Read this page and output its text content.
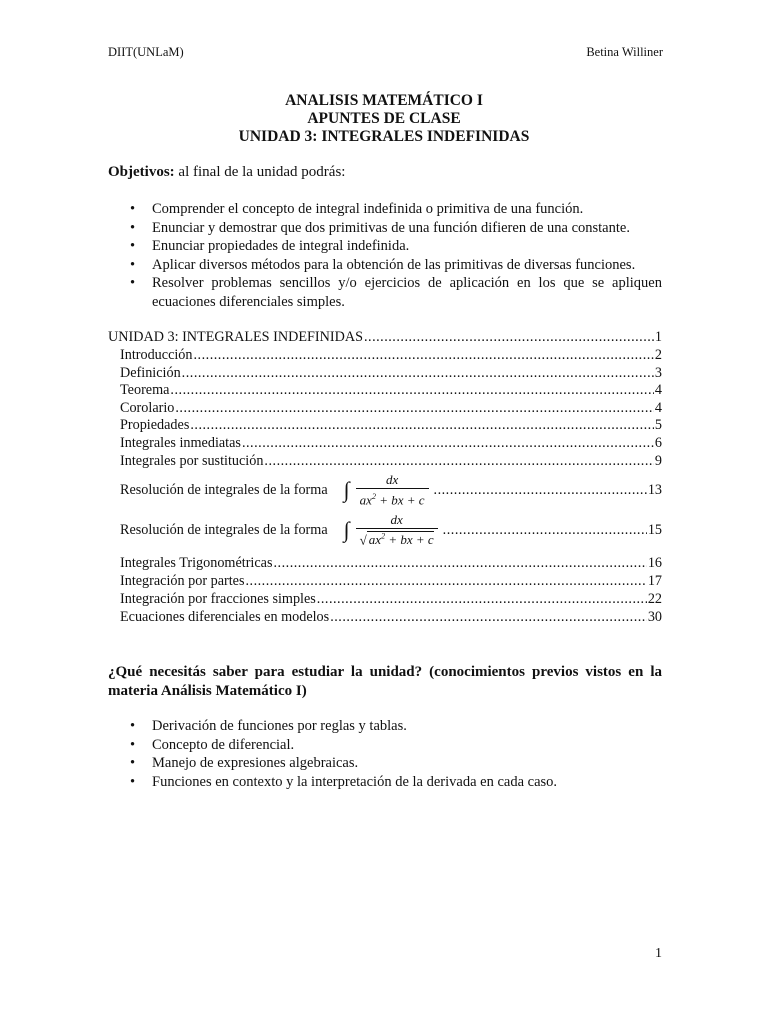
DIIT(UNLaM)	Betina Williner
ANALISIS MATEMÁTICO I
APUNTES DE CLASE
UNIDAD 3: INTEGRALES INDEFINIDAS
Objetivos: al final de la unidad podrás:
• Comprender el concepto de integral indefinida o primitiva de una función.
• Enunciar y demostrar que dos primitivas de una función difieren de una constante.
• Enunciar propiedades de integral indefinida.
• Aplicar diversos métodos para la obtención de las primitivas de diversas funciones.
• Resolver problemas sencillos y/o ejercicios de aplicación en los que se apliquen
ecuaciones diferenciales simples.
UNIDAD 3: INTEGRALES INDEFINIDAS .....	1
Introducción .....	2
Definición .....	3
Teorema .....	4
Corolario .....	4
Propiedades .....	5
Integrales inmediatas .....	6
Integrales por sustitución .....	9
Resolución de integrales de la forma ∫ $\frac{dx}{ax^2 + bx + c}$ .....	13
Resolución de integrales de la forma ∫ $\frac{dx}{√ ax^2 + bx + c}$ .....	15
Integrales Trigonométricas .....	16
Integración por partes .....	17
Integración por fracciones simples .....	22
Ecuaciones diferenciales en modelos .....	30
¿Qué necesitás saber para estudiar la unidad? (conocimientos previos vistos en la materia Análisis Matemático I)
• Derivación de funciones por reglas y tablas.
• Concepto de diferencial.
• Manejo de expresiones algebraicas.
• Funciones en contexto y la interpretación de la derivada en cada caso.
1
